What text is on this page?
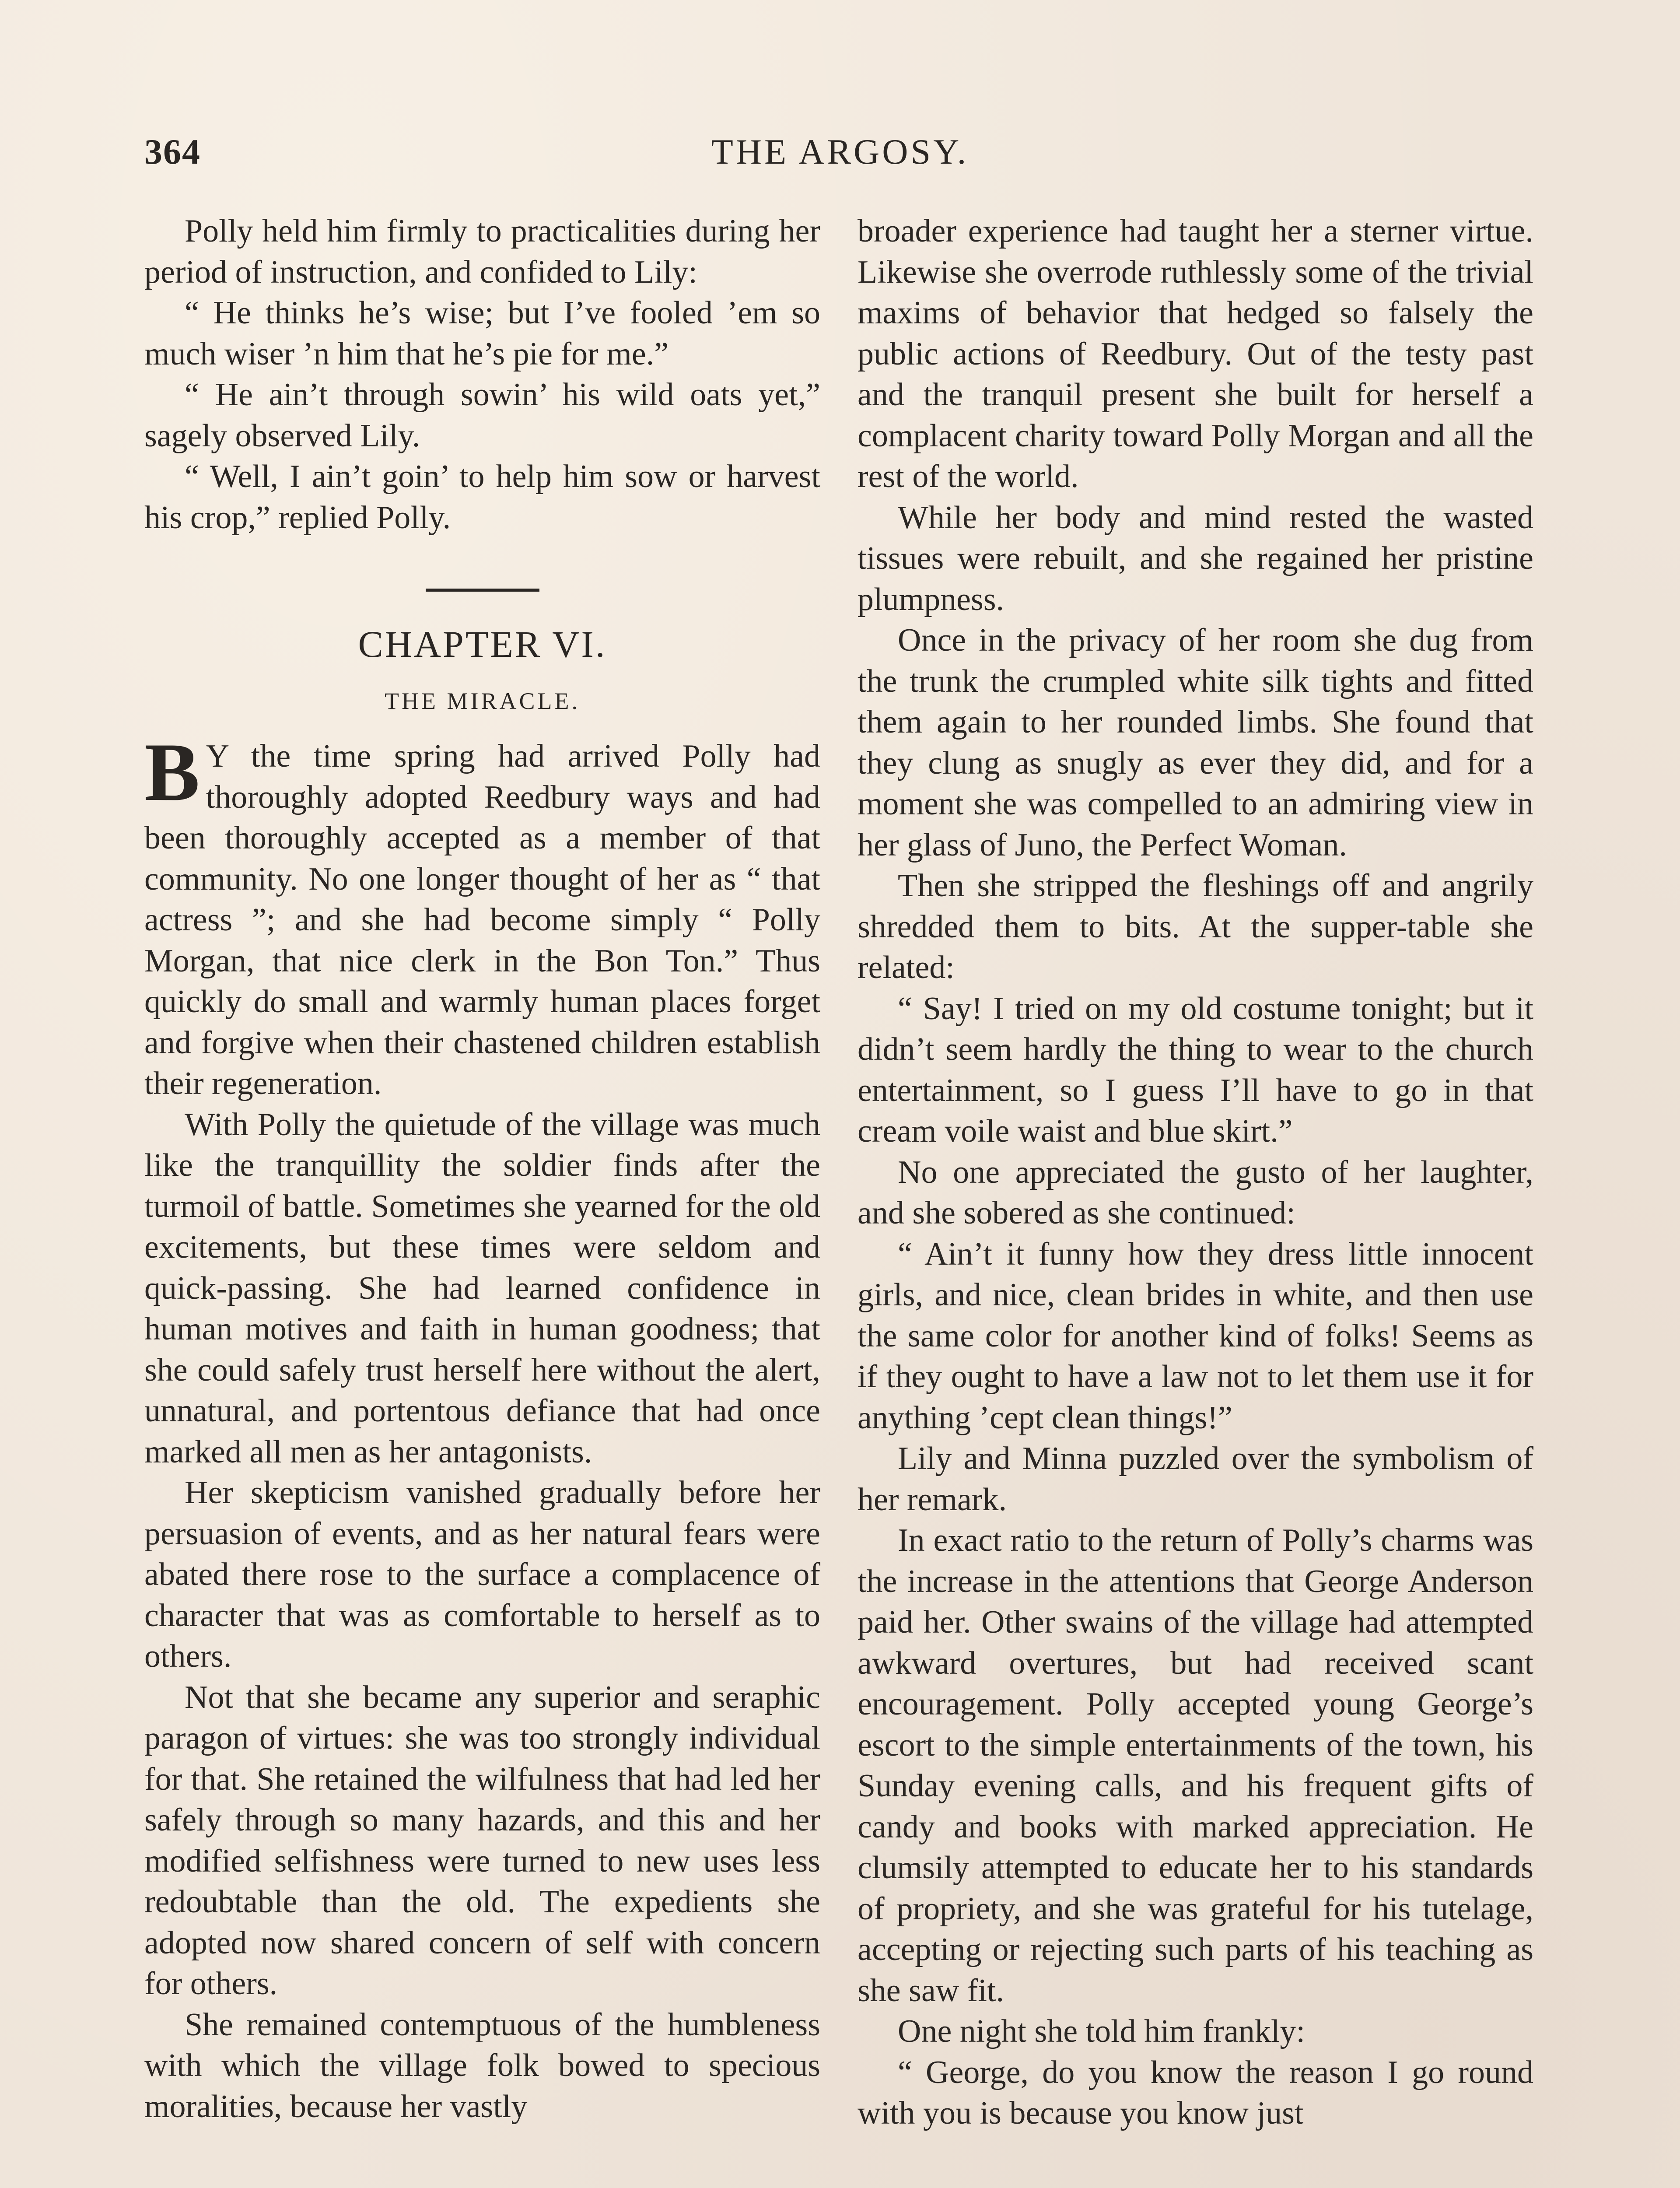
364	THE ARGOSY.

Polly held him firmly to practicalities during her period of instruction, and confided to Lily:

“ He thinks he’s wise; but I’ve fooled ’em so much wiser ’n him that he’s pie for me.”

“ He ain’t through sowin’ his wild oats yet,” sagely observed Lily.

“ Well, I ain’t goin’ to help him sow or harvest his crop,” replied Polly.

CHAPTER VI.
THE MIRACLE.

B Y the time spring had arrived Polly had thoroughly adopted Reedbury ways and had been thoroughly accepted as a member of that community. No one longer thought of her as “ that actress ”; and she had become simply “ Polly Morgan, that nice clerk in the Bon Ton.” Thus quickly do small and warmly human places forget and forgive when their chastened children establish their regeneration.

With Polly the quietude of the village was much like the tranquillity the soldier finds after the turmoil of battle. Sometimes she yearned for the old excitements, but these times were seldom and quick-passing. She had learned confidence in human motives and faith in human goodness; that she could safely trust herself here without the alert, unnatural, and portentous defiance that had once marked all men as her antagonists.

Her skepticism vanished gradually before her persuasion of events, and as her natural fears were abated there rose to the surface a complacence of character that was as comfortable to herself as to others.

Not that she became any superior and seraphic paragon of virtues: she was too strongly individual for that. She retained the wilfulness that had led her safely through so many hazards, and this and her modified selfishness were turned to new uses less redoubtable than the old. The expedients she adopted now shared concern of self with concern for others.

She remained contemptuous of the humbleness with which the village folk bowed to specious moralities, because her vastly

broader experience had taught her a sterner virtue. Likewise she overrode ruthlessly some of the trivial maxims of behavior that hedged so falsely the public actions of Reedbury. Out of the testy past and the tranquil present she built for herself a complacent charity toward Polly Morgan and all the rest of the world.

While her body and mind rested the wasted tissues were rebuilt, and she regained her pristine plumpness.

Once in the privacy of her room she dug from the trunk the crumpled white silk tights and fitted them again to her rounded limbs. She found that they clung as snugly as ever they did, and for a moment she was compelled to an admiring view in her glass of Juno, the Perfect Woman.

Then she stripped the fleshings off and angrily shredded them to bits. At the supper-table she related:

“ Say! I tried on my old costume tonight; but it didn’t seem hardly the thing to wear to the church entertainment, so I guess I’ll have to go in that cream voile waist and blue skirt.”

No one appreciated the gusto of her laughter, and she sobered as she continued:

“ Ain’t it funny how they dress little innocent girls, and nice, clean brides in white, and then use the same color for another kind of folks! Seems as if they ought to have a law not to let them use it for anything ’cept clean things!”

Lily and Minna puzzled over the symbolism of her remark.

In exact ratio to the return of Polly’s charms was the increase in the attentions that George Anderson paid her. Other swains of the village had attempted awkward overtures, but had received scant encouragement. Polly accepted young George’s escort to the simple entertainments of the town, his Sunday evening calls, and his frequent gifts of candy and books with marked appreciation. He clumsily attempted to educate her to his standards of propriety, and she was grateful for his tutelage, accepting or rejecting such parts of his teaching as she saw fit.

One night she told him frankly:

“ George, do you know the reason I go round with you is because you know just
